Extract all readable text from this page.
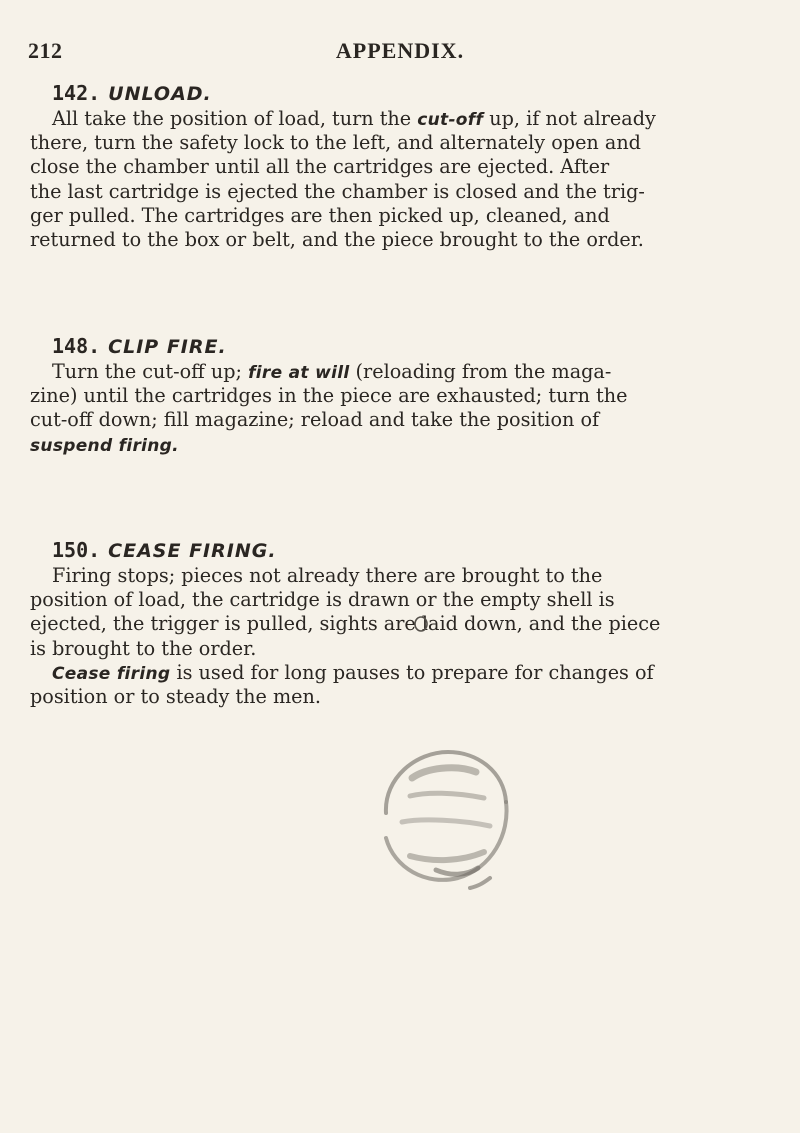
212	APPENDIX.
142. UNLOAD.
All take the position of load, turn the cut-off up, if not already
there, turn the safety lock to the left, and alternately open and
close the chamber until all the cartridges are ejected. After
the last cartridge is ejected the chamber is closed and the trig-
ger pulled. The cartridges are then picked up, cleaned, and
returned to the box or belt, and the piece brought to the order.
148. CLIP FIRE.
Turn the cut-off up; fire at will (reloading from the maga-
zine) until the cartridges in the piece are exhausted; turn the
cut-off down; fill magazine; reload and take the position of
suspend firing.
150. CEASE FIRING.
Firing stops; pieces not already there are brought to the
position of load, the cartridge is drawn or the empty shell is
ejected, the trigger is pulled, sights are laid down, and the piece
is brought to the order.
Cease firing is used for long pauses to prepare for changes of
position or to steady the men.
